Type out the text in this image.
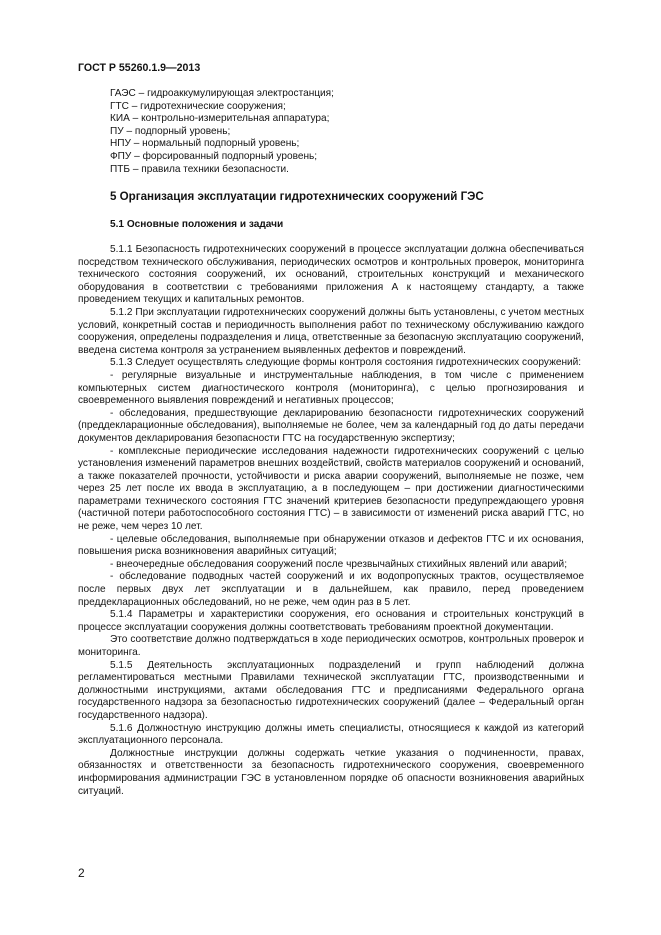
ГОСТ Р 55260.1.9—2013
ГАЭС – гидроаккумулирующая электростанция;
ГТС – гидротехнические сооружения;
КИА – контрольно-измерительная аппаратура;
ПУ – подпорный уровень;
НПУ – нормальный подпорный уровень;
ФПУ – форсированный подпорный уровень;
ПТБ – правила техники безопасности.
5 Организация эксплуатации гидротехнических сооружений ГЭС
5.1 Основные положения и задачи

5.1.1 Безопасность гидротехнических сооружений в процессе эксплуатации должна обеспечиваться посредством технического обслуживания, периодических осмотров и контрольных проверок, мониторинга технического состояния сооружений, их оснований, строительных конструкций и механического оборудования в соответствии с требованиями приложения А к настоящему стандарту, а также проведением текущих и капитальных ремонтов.

5.1.2 При эксплуатации гидротехнических сооружений должны быть установлены, с учетом местных условий, конкретный состав и периодичность выполнения работ по техническому обслуживанию каждого сооружения, определены подразделения и лица, ответственные за безопасную эксплуатацию сооружений, введена система контроля за устранением выявленных дефектов и повреждений.

5.1.3 Следует осуществлять следующие формы контроля состояния гидротехнических сооружений:

- регулярные визуальные и инструментальные наблюдения, в том числе с применением компьютерных систем диагностического контроля (мониторинга), с целью прогнозирования и своевременного выявления повреждений и негативных процессов;

- обследования, предшествующие декларированию безопасности гидротехнических сооружений (преддекларационные обследования), выполняемые не более, чем за календарный год до даты передачи документов декларирования безопасности ГТС на государственную экспертизу;

- комплексные периодические исследования надежности гидротехнических сооружений с целью установления изменений параметров внешних воздействий, свойств материалов сооружений и оснований, а также показателей прочности, устойчивости и риска аварии сооружений, выполняемые не позже, чем через 25 лет после их ввода в эксплуатацию, а в последующем – при достижении диагностическими параметрами технического состояния ГТС значений критериев безопасности предупреждающего уровня (частичной потери работоспособного состояния ГТС) – в зависимости от изменений риска аварий ГТС, но не реже, чем через 10 лет.

- целевые обследования, выполняемые при обнаружении отказов и дефектов ГТС и их основания, повышения риска возникновения аварийных ситуаций;

- внеочередные обследования сооружений после чрезвычайных стихийных явлений или аварий;

- обследование подводных частей сооружений и их водопропускных трактов, осуществляемое после первых двух лет эксплуатации и в дальнейшем, как правило, перед проведением преддекларационных обследований, но не реже, чем один раз в 5 лет.

5.1.4 Параметры и характеристики сооружения, его основания и строительных конструкций в процессе эксплуатации сооружения должны соответствовать требованиям проектной документации.

Это соответствие должно подтверждаться в ходе периодических осмотров, контрольных проверок и мониторинга.

5.1.5 Деятельность эксплуатационных подразделений и групп наблюдений должна регламентироваться местными Правилами технической эксплуатации ГТС, производственными и должностными инструкциями, актами обследования ГТС и предписаниями Федерального органа государственного надзора за безопасностью гидротехнических сооружений (далее – Федеральный орган государственного надзора).

5.1.6 Должностную инструкцию должны иметь специалисты, относящиеся к каждой из категорий эксплуатационного персонала.

Должностные инструкции должны содержать четкие указания о подчиненности, правах, обязанностях и ответственности за безопасность гидротехнического сооружения, своевременного информирования администрации ГЭС в установленном порядке об опасности возникновения аварийных ситуаций.

2
